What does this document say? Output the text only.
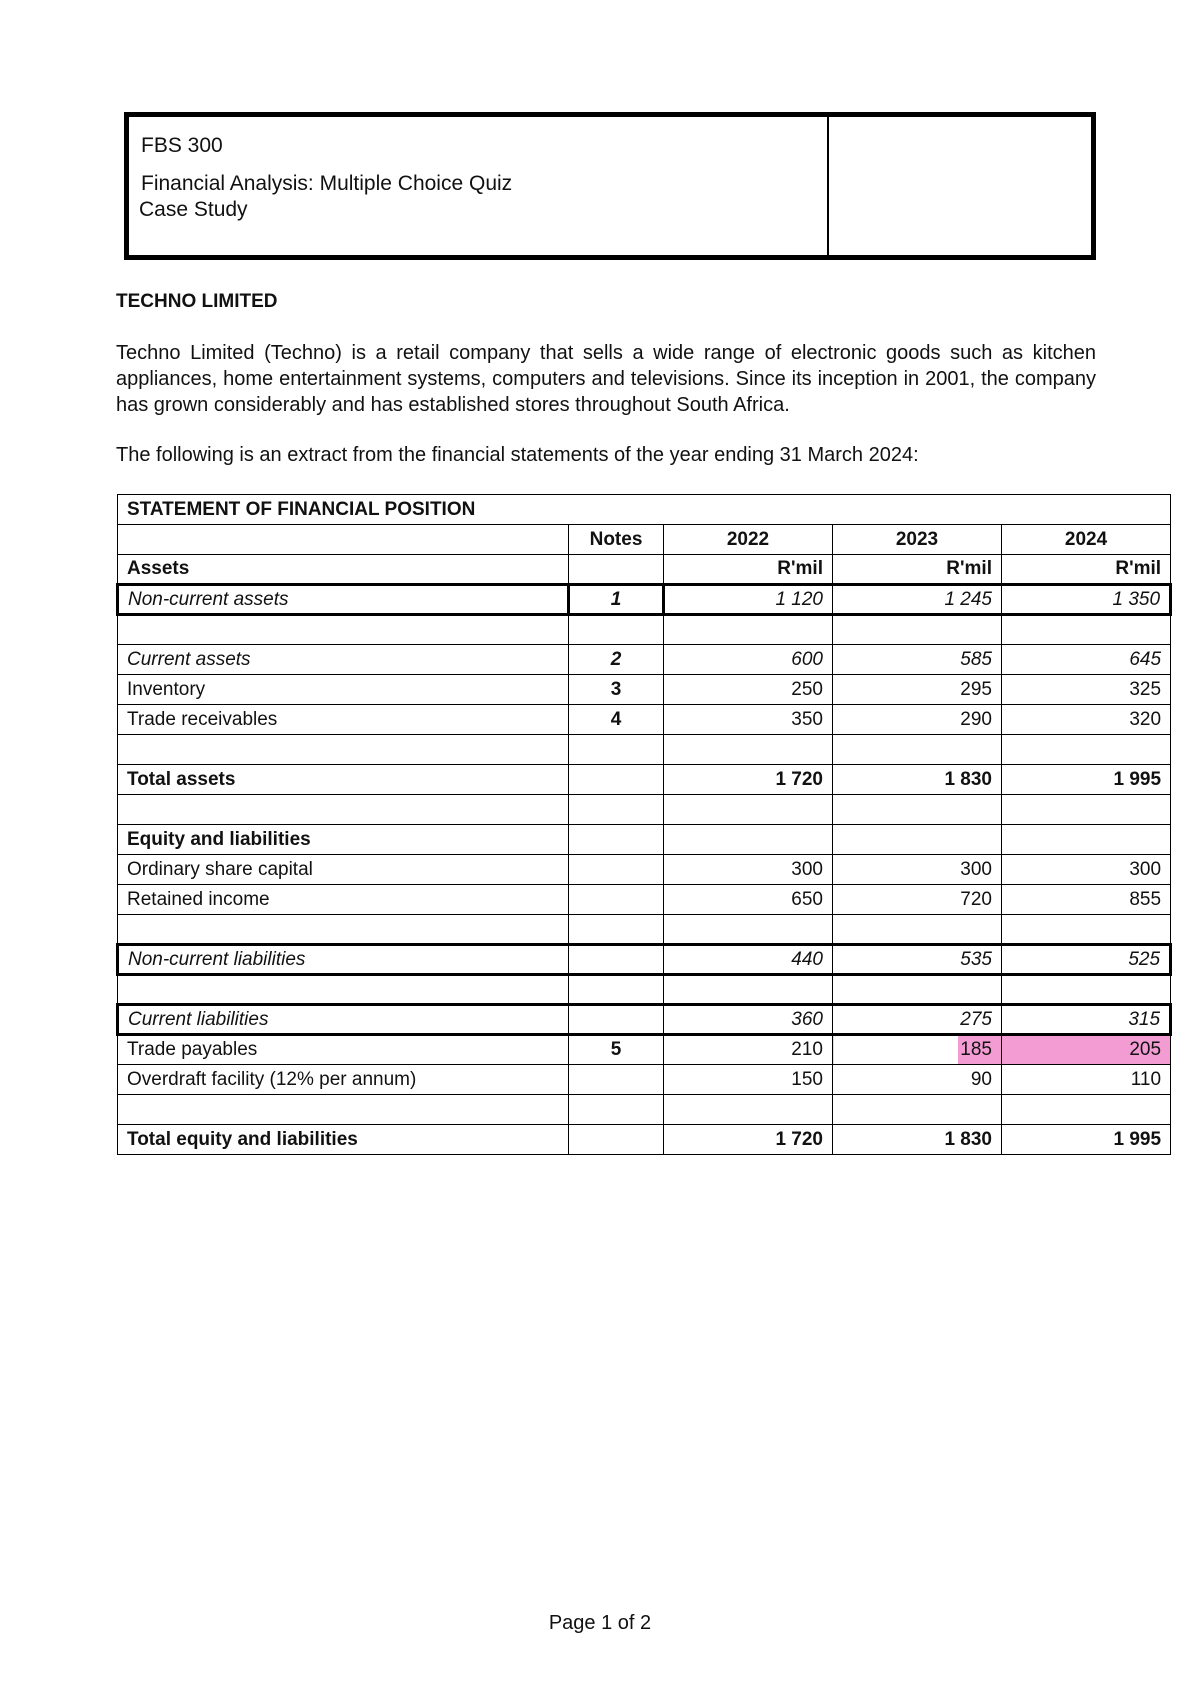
FBS 300
Financial Analysis: Multiple Choice Quiz
Case Study
TECHNO LIMITED
Techno Limited (Techno) is a retail company that sells a wide range of electronic goods such as kitchen appliances, home entertainment systems, computers and televisions. Since its inception in 2001, the company has grown considerably and has established stores throughout South Africa.
The following is an extract from the financial statements of the year ending 31 March 2024:
STATEMENT OF FINANCIAL POSITION				
	Notes	2022	2023	2024
Assets		R'mil	R'mil	R'mil
Non-current assets	1	1 120	1 245	1 350

Current assets	2	600	585	645
Inventory	3	250	295	325
Trade receivables	4	350	290	320

Total assets		1 720	1 830	1 995

Equity and liabilities				
Ordinary share capital		300	300	300
Retained income		650	720	855

Non-current liabilities		440	535	525

Current liabilities		360	275	315
Trade payables	5	210	185	205
Overdraft facility (12% per annum)		150	90	110

Total equity and liabilities		1 720	1 830	1 995
Page 1 of 2
